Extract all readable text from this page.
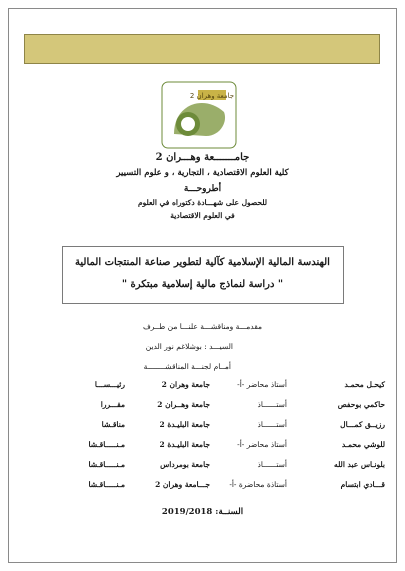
جامعة وهران 2
جامـــــــعة وهـــران 2
كلية العلوم الاقتصادية ، التجارية ، و علوم التسيير
أطروحـــة
للحصول على شهـــادة دكتوراه في العلوم
في العلوم الاقتصادية
الهندسة المالية الإسلامية كآلية لتطوير صناعة المنتجات المالية
" دراسة لنماذج مالية إسلامية مبتكرة "
مقدمـــة ومناقشـــة علنـــا من طــرف
السيـــد : بوشلاغم نور الدين
أمــام لجنـــة المناقشــــــــة
كيحـل محمـد
أستاذ محاضر -أ-
جامعة وهران 2
رئيـــســـا
حاكمي بوحفص
أستــــــاذ
جامعة وهــران 2
مقـــررا
رزيــق كمـــال
أستــــــاذ
جامعة البليـدة 2
مناقـشا
للوشي محمـد
أستاذ محاضر -أ-
جامعة البليـدة 2
مـنـــــاقـشا
بلونـاس عبد الله
أستــــــاذ
جامعة بومرداس
مـنـــــاقـشا
قـــادي ابتسام
أستاذة محاضرة -أ-
جـــامعة وهران 2
مـنـــــاقـشا
السنــة: 2019/2018
